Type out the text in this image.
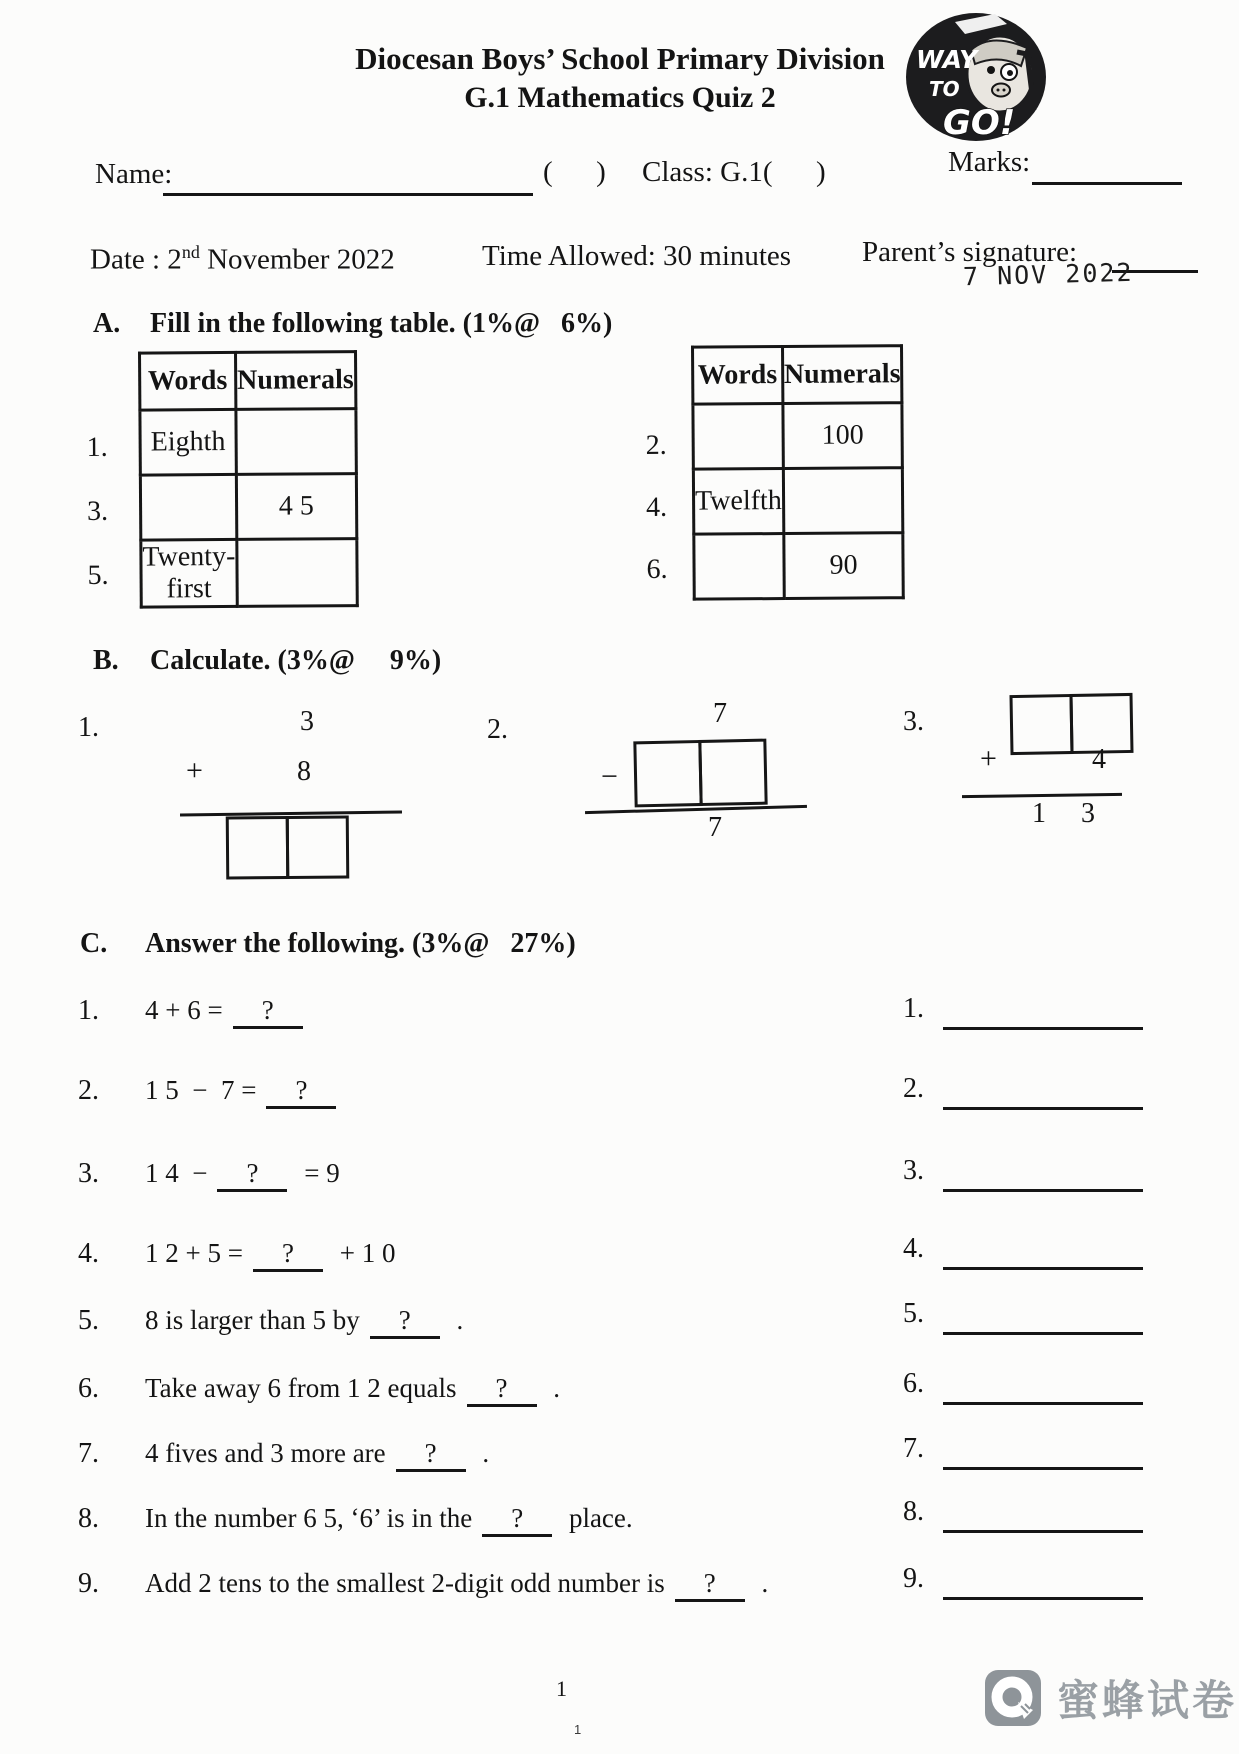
Diocesan Boys’ School Primary Division
G.1 Mathematics Quiz 2
WAY
TO
GO!
Name:	(      ) Class: G.1(      )	Marks:
Date : 2nd November 2022	Time Allowed: 30 minutes Parent’s signature:
7 NOV 2022
A. Fill in the following table. (1%@   6%)
1.
3.
5.
Words	Numerals
Eighth	
	4 5
Twenty-first	
2.
4.
6.
Words	Numerals
	100
Twelfth	
	90
B. Calculate. (3%@     9%)
1.	3
+	8
2.
7
−
7
3.
+	4
1 3
C. Answer the following. (3%@   27%)
1.	4 + 6 =	?
2.	1 5  −  7 =	?
3.	1 4  −	?	= 9
4.	1 2 + 5 =	?	+ 1 0
5.	8 is larger than 5 by	?	.
6.	Take away 6 from 1 2 equals	?	.
7.	4 fives and 3 more are	?	.
8.	In the number 6 5, ‘6’ is in the	?	place.
9.	Add 2 tens to the smallest 2-digit odd number is	?	.
1.
2.
3.
4.
5.
6.
7.
8.
9.
1
1
蜜蜂试卷
